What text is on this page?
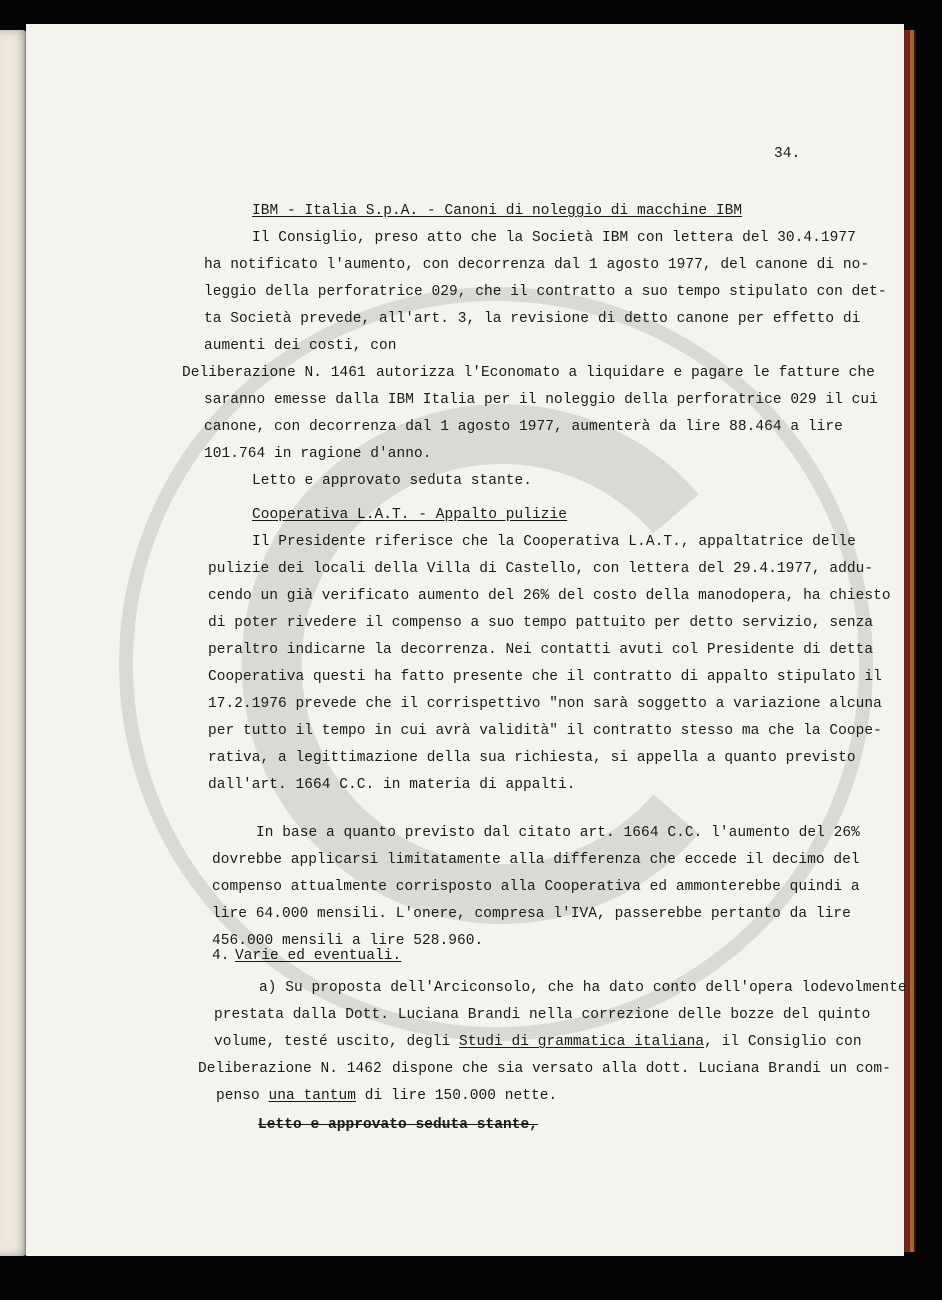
34.
IBM - Italia S.p.A. - Canoni di noleggio di macchine IBM
Il Consiglio, preso atto che la Società IBM con lettera del 30.4.1977
ha notificato l'aumento, con decorrenza dal 1 agosto 1977, del canone di no-
leggio della perforatrice 029, che il contratto a suo tempo stipulato con det-
ta Società prevede, all'art. 3, la revisione di detto canone per effetto di
aumenti dei costi, con
Deliberazione N. 1461 autorizza l'Economato a liquidare e pagare le fatture che
saranno emesse dalla IBM Italia per il noleggio della perforatrice 029 il cui
canone, con decorrenza dal 1 agosto 1977, aumenterà da lire 88.464 a lire
101.764 in ragione d'anno.
Letto e approvato seduta stante.
Cooperativa L.A.T. - Appalto pulizie
Il Presidente riferisce che la Cooperativa L.A.T., appaltatrice delle
pulizie dei locali della Villa di Castello, con lettera del 29.4.1977, addu-
cendo un già verificato aumento del 26% del costo della manodopera, ha chiesto
di poter rivedere il compenso a suo tempo pattuito per detto servizio, senza
peraltro indicarne la decorrenza. Nei contatti avuti col Presidente di detta
Cooperativa questi ha fatto presente che il contratto di appalto stipulato il
17.2.1976 prevede che il corrispettivo "non sarà soggetto a variazione alcuna
per tutto il tempo in cui avrà validità" il contratto stesso ma che la Coope-
rativa, a legittimazione della sua richiesta, si appella a quanto previsto
dall'art. 1664 C.C. in materia di appalti.
In base a quanto previsto dal citato art. 1664 C.C. l'aumento del 26%
dovrebbe applicarsi limitatamente alla differenza che eccede il decimo del
compenso attualmente corrisposto alla Cooperativa ed ammonterebbe quindi a
lire 64.000 mensili. L'onere, compresa l'IVA, passerebbe pertanto da lire
456.000 mensili a lire 528.960.
4. Varie ed eventuali.
a) Su proposta dell'Arciconsolo, che ha dato conto dell'opera lodevolmente
prestata dalla Dott. Luciana Brandi nella correzione delle bozze del quinto
volume, testé uscito, degli Studi di grammatica italiana, il Consiglio con
Deliberazione N. 1462 dispone che sia versato alla dott. Luciana Brandi un com-
penso una tantum di lire 150.000 nette.
Letto e approvato seduta stante,
